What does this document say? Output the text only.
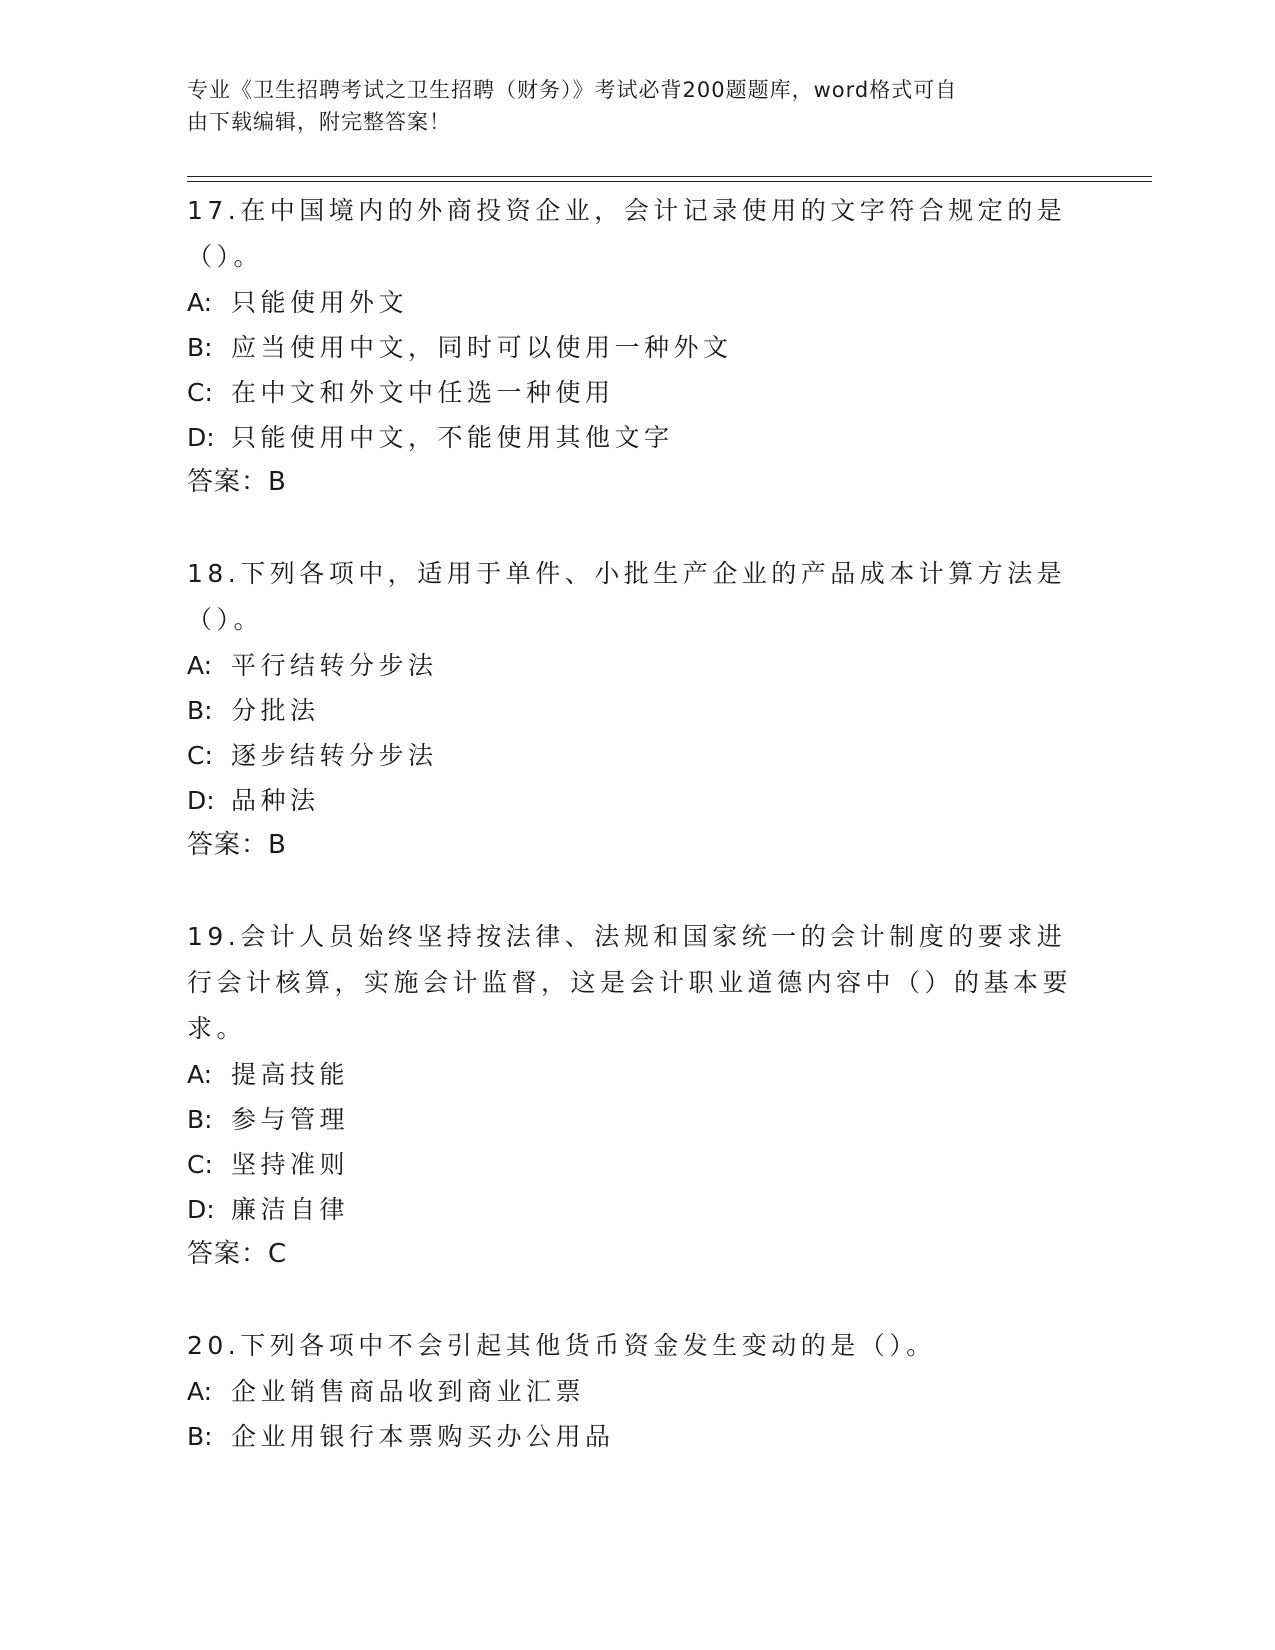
专业《卫生招聘考试之卫生招聘（财务）》考试必背200题题库，word格式可自
由下载编辑，附完整答案！

17.在中国境内的外商投资企业，会计记录使用的文字符合规定的是（）。

A: 只能使用外文

B: 应当使用中文，同时可以使用一种外文

C: 在中文和外文中任选一种使用

D: 只能使用中文，不能使用其他文字

答案：B

18.下列各项中，适用于单件、小批生产企业的产品成本计算方法是（）。

A: 平行结转分步法

B: 分批法

C: 逐步结转分步法

D: 品种法

答案：B

19.会计人员始终坚持按法律、法规和国家统一的会计制度的要求进行会计核算，实施会计监督，这是会计职业道德内容中（）的基本要求。

A: 提高技能

B: 参与管理

C: 坚持准则

D: 廉洁自律

答案：C

20.下列各项中不会引起其他货币资金发生变动的是（）。

A: 企业销售商品收到商业汇票

B: 企业用银行本票购买办公用品
